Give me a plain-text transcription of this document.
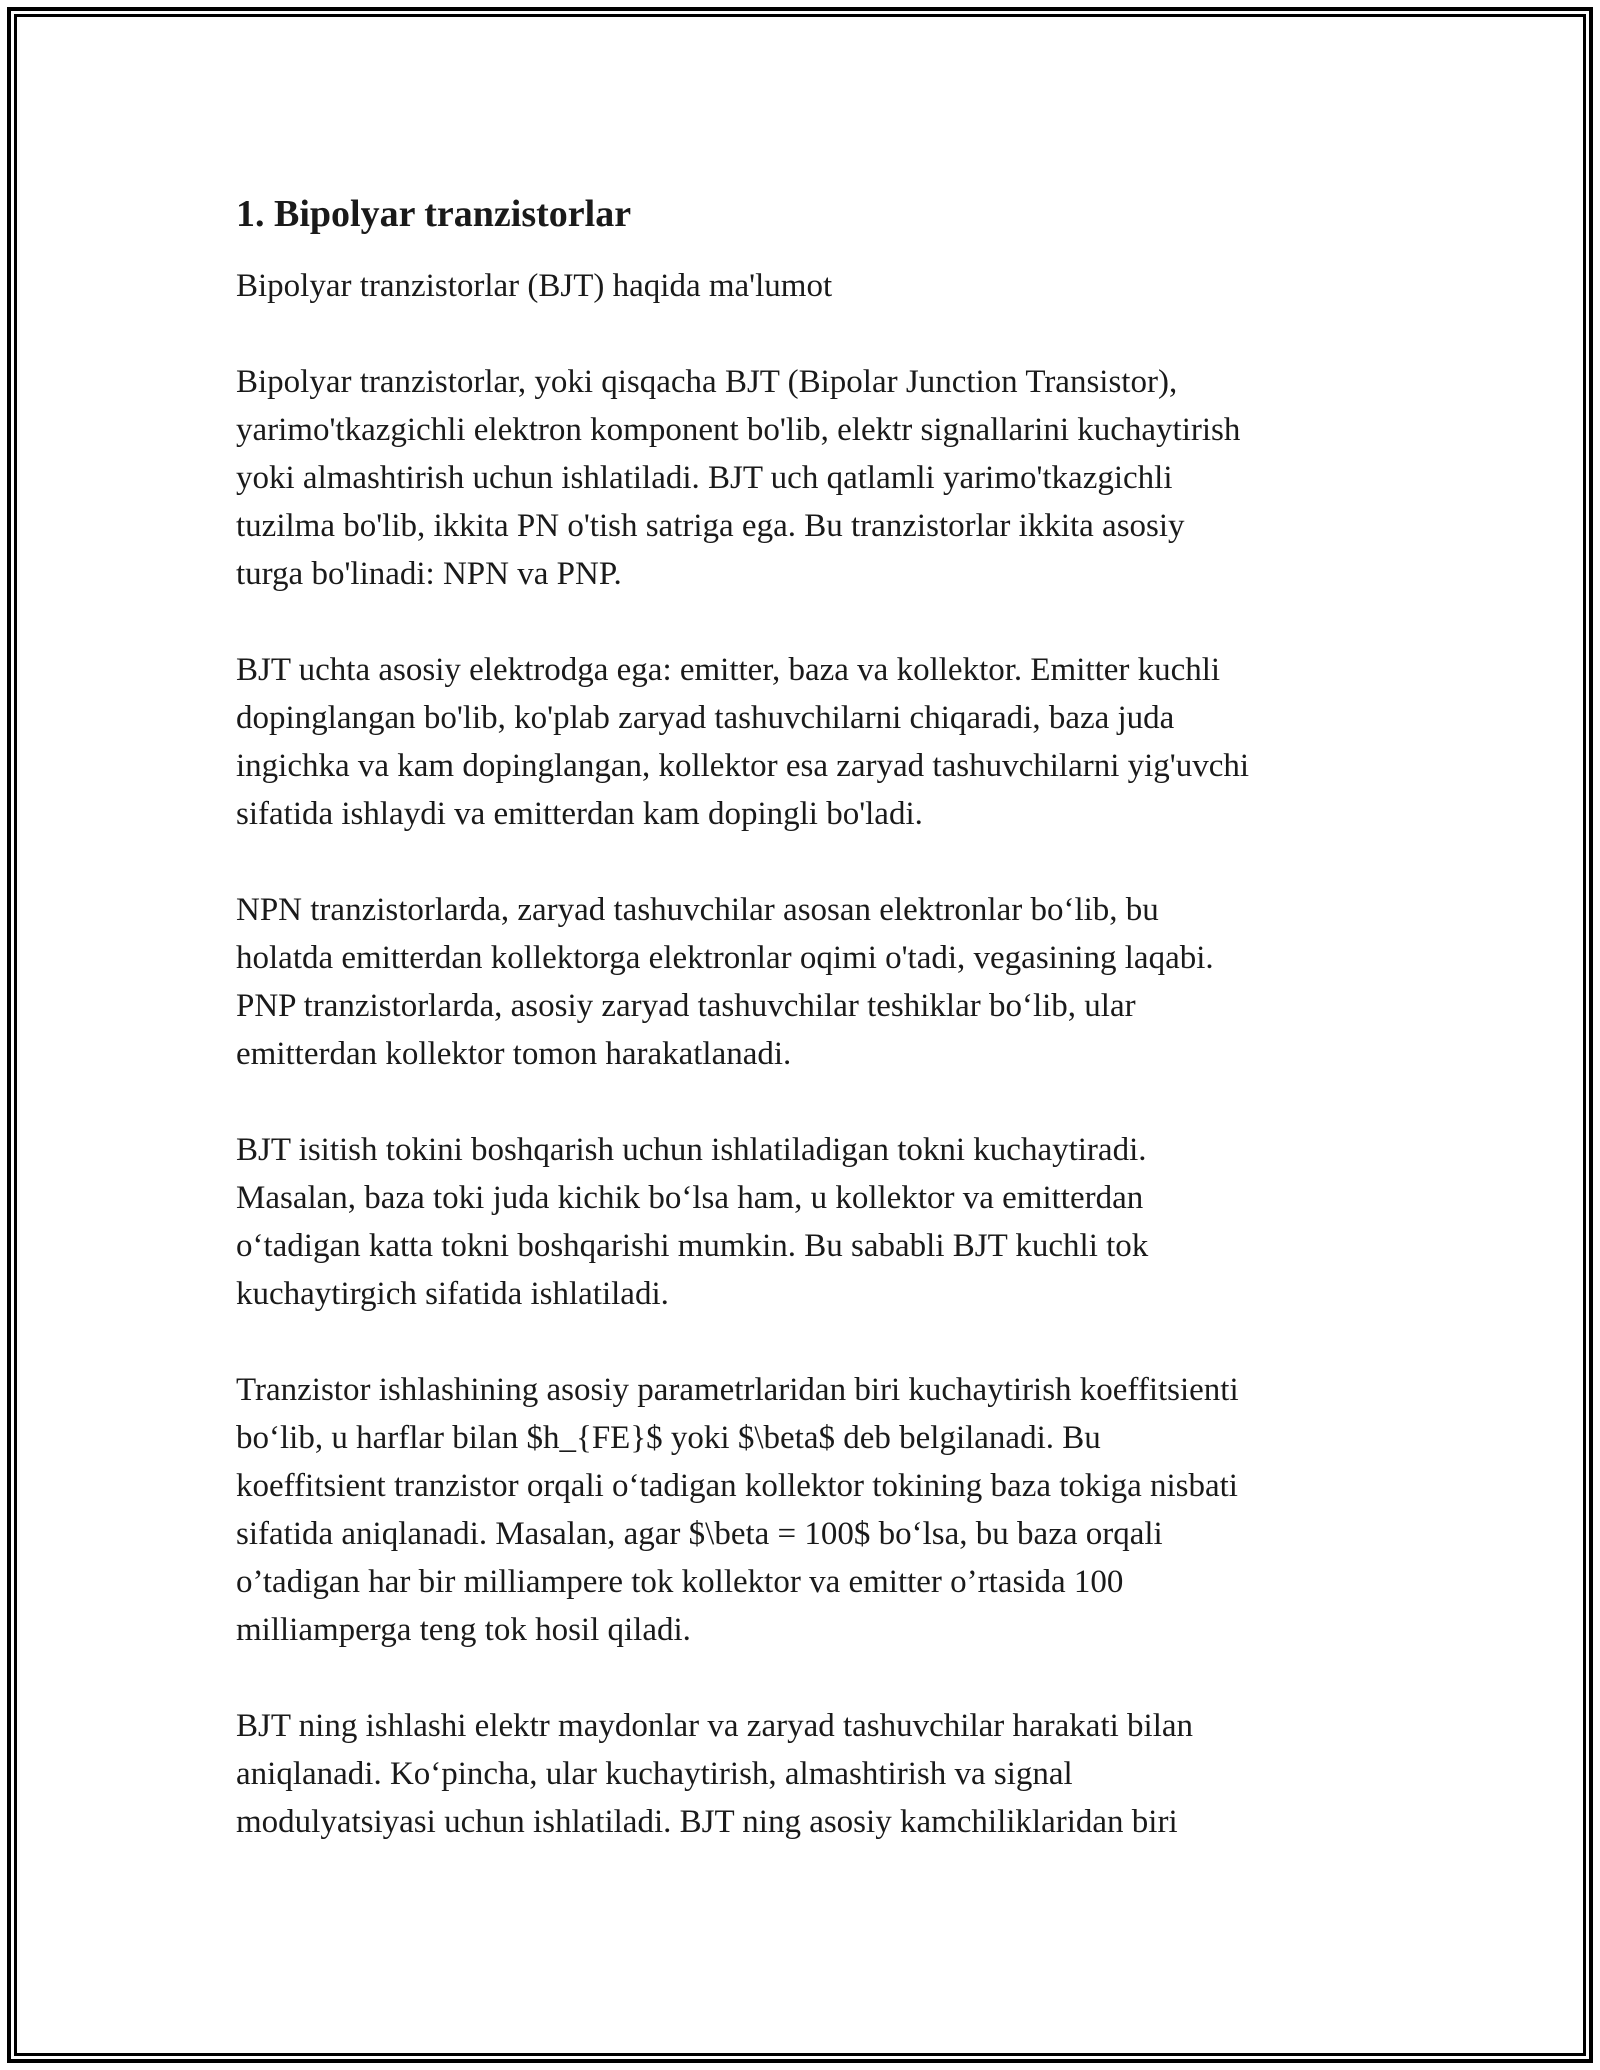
1. Bipolyar tranzistorlar

Bipolyar tranzistorlar (BJT) haqida ma'lumot

Bipolyar tranzistorlar, yoki qisqacha BJT (Bipolar Junction Transistor),
yarimo'tkazgichli elektron komponent bo'lib, elektr signallarini kuchaytirish
yoki almashtirish uchun ishlatiladi. BJT uch qatlamli yarimo'tkazgichli
tuzilma bo'lib, ikkita PN o'tish satriga ega. Bu tranzistorlar ikkita asosiy
turga bo'linadi: NPN va PNP.

BJT uchta asosiy elektrodga ega: emitter, baza va kollektor. Emitter kuchli
dopinglangan bo'lib, ko'plab zaryad tashuvchilarni chiqaradi, baza juda
ingichka va kam dopinglangan, kollektor esa zaryad tashuvchilarni yig'uvchi
sifatida ishlaydi va emitterdan kam dopingli bo'ladi.

NPN tranzistorlarda, zaryad tashuvchilar asosan elektronlar bo‘lib, bu
holatda emitterdan kollektorga elektronlar oqimi o'tadi, vegasining laqabi.
PNP tranzistorlarda, asosiy zaryad tashuvchilar teshiklar bo‘lib, ular
emitterdan kollektor tomon harakatlanadi.

BJT isitish tokini boshqarish uchun ishlatiladigan tokni kuchaytiradi.
Masalan, baza toki juda kichik bo‘lsa ham, u kollektor va emitterdan
o‘tadigan katta tokni boshqarishi mumkin. Bu sababli BJT kuchli tok
kuchaytirgich sifatida ishlatiladi.

Tranzistor ishlashining asosiy parametrlaridan biri kuchaytirish koeffitsienti
bo‘lib, u harflar bilan $h_{FE}$ yoki $\beta$ deb belgilanadi. Bu
koeffitsient tranzistor orqali o‘tadigan kollektor tokining baza tokiga nisbati
sifatida aniqlanadi. Masalan, agar $\beta = 100$ bo‘lsa, bu baza orqali
o’tadigan har bir milliampere tok kollektor va emitter o’rtasida 100
milliamperga teng tok hosil qiladi.

BJT ning ishlashi elektr maydonlar va zaryad tashuvchilar harakati bilan
aniqlanadi. Ko‘pincha, ular kuchaytirish, almashtirish va signal
modulyatsiyasi uchun ishlatiladi. BJT ning asosiy kamchiliklaridan biri
